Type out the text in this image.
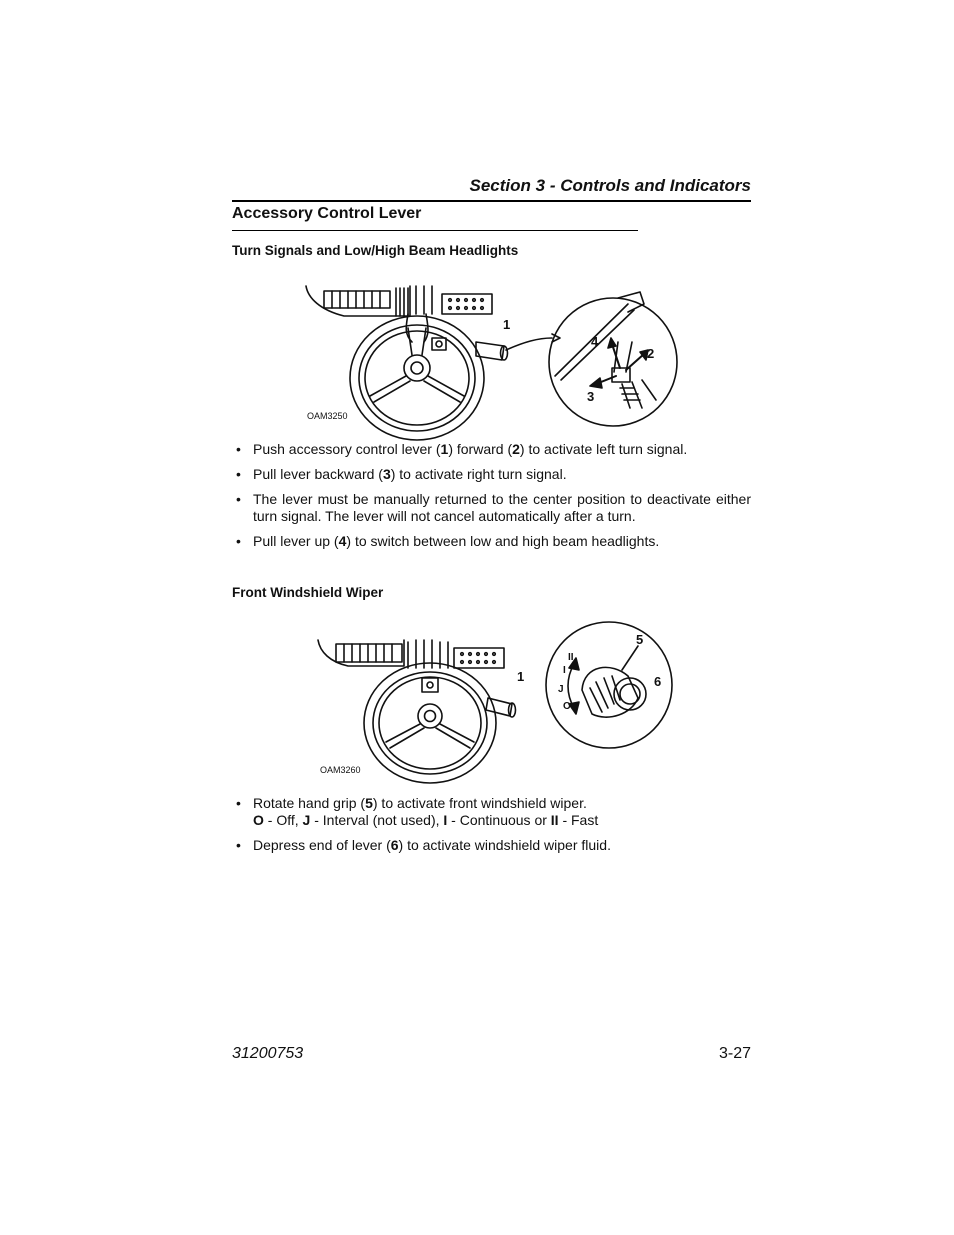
Section 3 - Controls and Indicators
Accessory Control Lever
Turn Signals and Low/High Beam Headlights
1
2
3
4
OAM3250
• Push accessory control lever (1) forward (2) to activate left turn signal.
• Pull lever backward (3) to activate right turn signal.
• The lever must be manually returned to the center position to deactivate either turn signal. The lever will not cancel automatically after a turn.
• Pull lever up (4) to switch between low and high beam headlights.
Front Windshield Wiper
1
5
6
II
I
J
O
OAM3260
• Rotate hand grip (5) to activate front windshield wiper.
O - Off, J - Interval (not used), I - Continuous or II - Fast
• Depress end of lever (6) to activate windshield wiper fluid.
31200753	3-27
